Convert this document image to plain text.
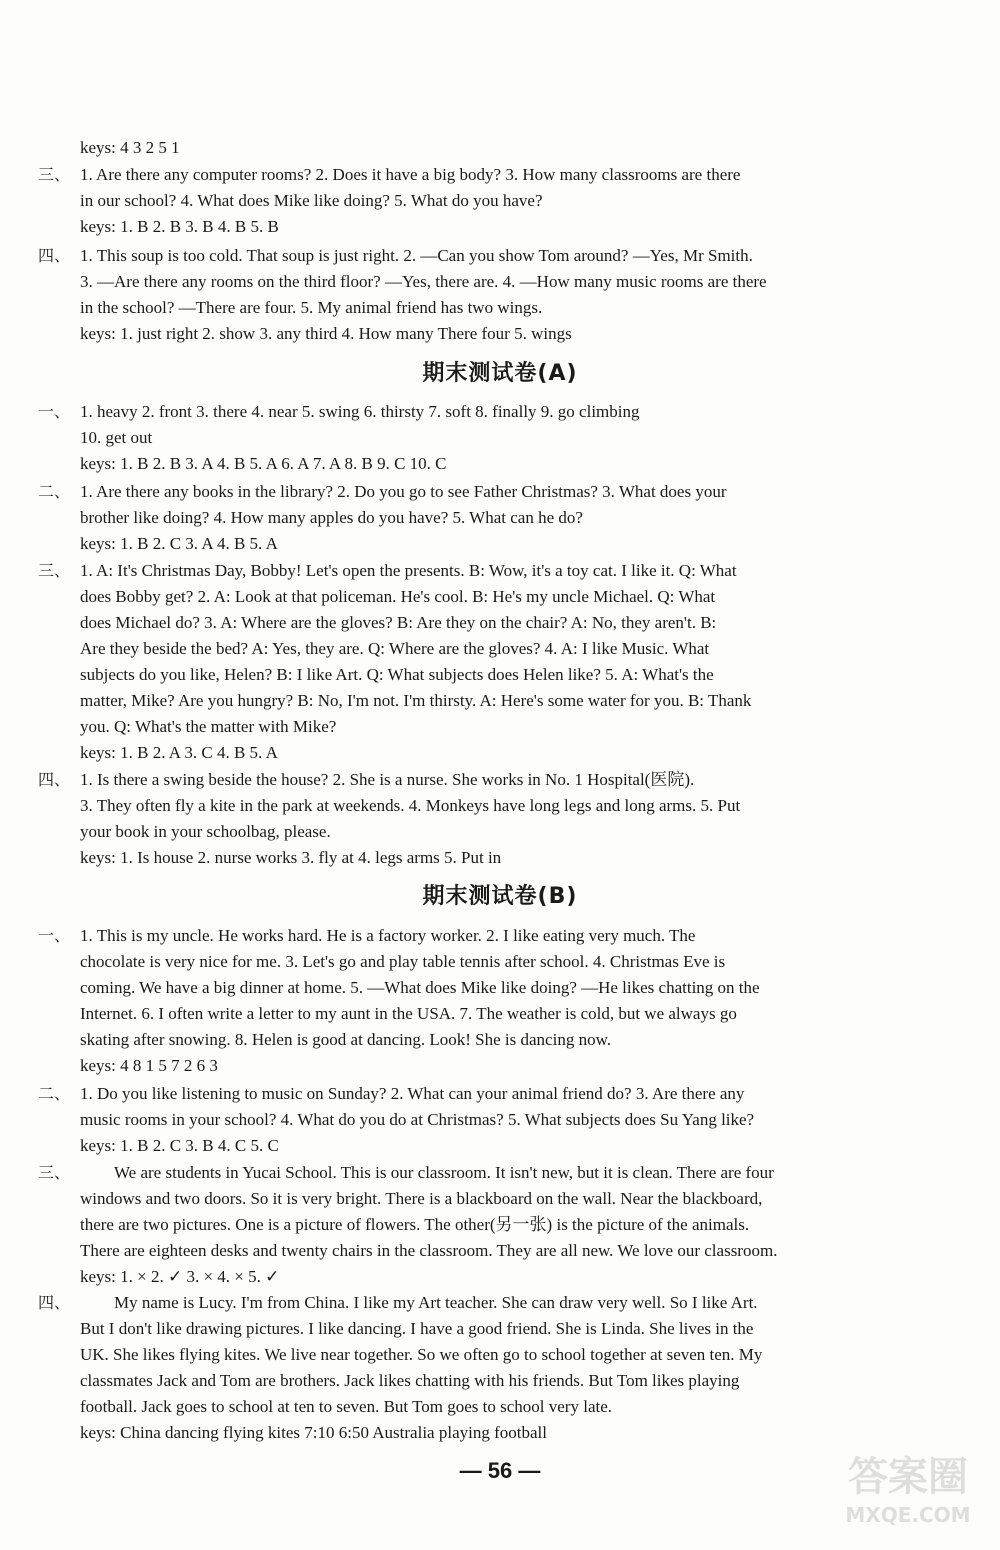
keys: 4 3 2 5 1
三、 1. Are there any computer rooms? 2. Does it have a big body? 3. How many classrooms are there
in our school? 4. What does Mike like doing? 5. What do you have?
keys: 1. B 2. B 3. B 4. B 5. B
四、 1. This soup is too cold. That soup is just right. 2. —Can you show Tom around? —Yes, Mr Smith.
3. —Are there any rooms on the third floor? —Yes, there are. 4. —How many music rooms are there
in the school? —There are four. 5. My animal friend has two wings.
keys: 1. just right 2. show 3. any third 4. How many There four 5. wings
期末测试卷(A)
一、 1. heavy 2. front 3. there 4. near 5. swing 6. thirsty 7. soft 8. finally 9. go climbing
10. get out
keys: 1. B 2. B 3. A 4. B 5. A 6. A 7. A 8. B 9. C 10. C
二、 1. Are there any books in the library? 2. Do you go to see Father Christmas? 3. What does your
brother like doing? 4. How many apples do you have? 5. What can he do?
keys: 1. B 2. C 3. A 4. B 5. A
三、 1. A: It's Christmas Day, Bobby! Let's open the presents. B: Wow, it's a toy cat. I like it. Q: What
does Bobby get? 2. A: Look at that policeman. He's cool. B: He's my uncle Michael. Q: What
does Michael do? 3. A: Where are the gloves? B: Are they on the chair? A: No, they aren't. B:
Are they beside the bed? A: Yes, they are. Q: Where are the gloves? 4. A: I like Music. What
subjects do you like, Helen? B: I like Art. Q: What subjects does Helen like? 5. A: What's the
matter, Mike? Are you hungry? B: No, I'm not. I'm thirsty. A: Here's some water for you. B: Thank
you. Q: What's the matter with Mike?
keys: 1. B 2. A 3. C 4. B 5. A
四、 1. Is there a swing beside the house? 2. She is a nurse. She works in No. 1 Hospital(医院).
3. They often fly a kite in the park at weekends. 4. Monkeys have long legs and long arms. 5. Put
your book in your schoolbag, please.
keys: 1. Is house 2. nurse works 3. fly at 4. legs arms 5. Put in
期末测试卷(B)
一、 1. This is my uncle. He works hard. He is a factory worker. 2. I like eating very much. The
chocolate is very nice for me. 3. Let's go and play table tennis after school. 4. Christmas Eve is
coming. We have a big dinner at home. 5. —What does Mike like doing? —He likes chatting on the
Internet. 6. I often write a letter to my aunt in the USA. 7. The weather is cold, but we always go
skating after snowing. 8. Helen is good at dancing. Look! She is dancing now.
keys: 4 8 1 5 7 2 6 3
二、 1. Do you like listening to music on Sunday? 2. What can your animal friend do? 3. Are there any
music rooms in your school? 4. What do you do at Christmas? 5. What subjects does Su Yang like?
keys: 1. B 2. C 3. B 4. C 5. C
三、	We are students in Yucai School. This is our classroom. It isn't new, but it is clean. There are four
windows and two doors. So it is very bright. There is a blackboard on the wall. Near the blackboard,
there are two pictures. One is a picture of flowers. The other(另一张) is the picture of the animals.
There are eighteen desks and twenty chairs in the classroom. They are all new. We love our classroom.
keys: 1. × 2. ✓ 3. × 4. × 5. ✓
四、	My name is Lucy. I'm from China. I like my Art teacher. She can draw very well. So I like Art.
But I don't like drawing pictures. I like dancing. I have a good friend. She is Linda. She lives in the
UK. She likes flying kites. We live near together. So we often go to school together at seven ten. My
classmates Jack and Tom are brothers. Jack likes chatting with his friends. But Tom likes playing
football. Jack goes to school at ten to seven. But Tom goes to school very late.
keys: China dancing flying kites 7:10 6:50 Australia playing football
— 56 —	答案圈
MXQE.COM
